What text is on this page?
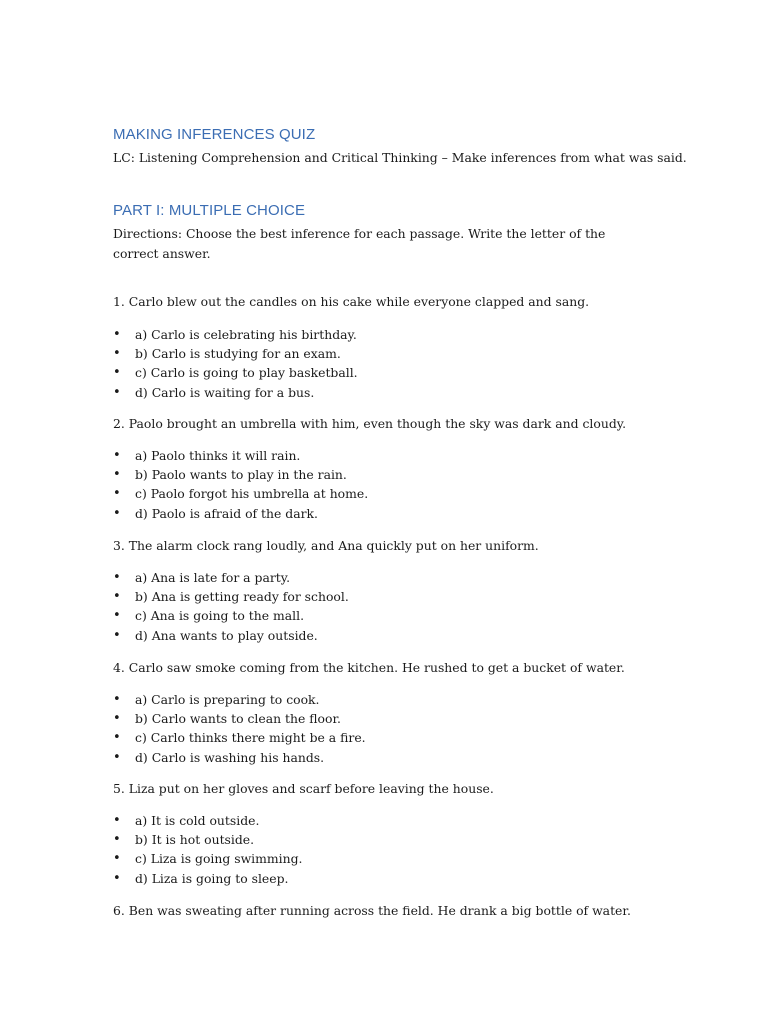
MAKING INFERENCES QUIZ
LC: Listening Comprehension and Critical Thinking – Make inferences from what was said.
PART I: MULTIPLE CHOICE
Directions: Choose the best inference for each passage. Write the letter of the correct answer.
1. Carlo blew out the candles on his cake while everyone clapped and sang.
• a) Carlo is celebrating his birthday.
• b) Carlo is studying for an exam.
• c) Carlo is going to play basketball.
• d) Carlo is waiting for a bus.
2. Paolo brought an umbrella with him, even though the sky was dark and cloudy.
• a) Paolo thinks it will rain.
• b) Paolo wants to play in the rain.
• c) Paolo forgot his umbrella at home.
• d) Paolo is afraid of the dark.
3. The alarm clock rang loudly, and Ana quickly put on her uniform.
• a) Ana is late for a party.
• b) Ana is getting ready for school.
• c) Ana is going to the mall.
• d) Ana wants to play outside.
4. Carlo saw smoke coming from the kitchen. He rushed to get a bucket of water.
• a) Carlo is preparing to cook.
• b) Carlo wants to clean the floor.
• c) Carlo thinks there might be a fire.
• d) Carlo is washing his hands.
5. Liza put on her gloves and scarf before leaving the house.
• a) It is cold outside.
• b) It is hot outside.
• c) Liza is going swimming.
• d) Liza is going to sleep.
6. Ben was sweating after running across the field. He drank a big bottle of water.
